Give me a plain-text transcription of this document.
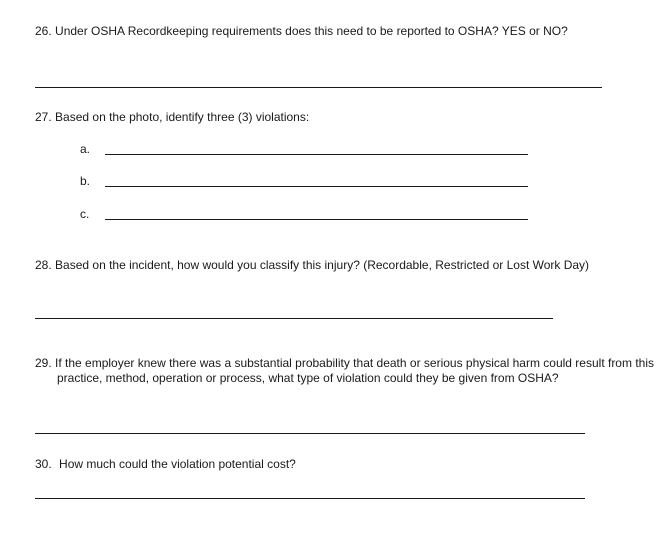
26. Under OSHA Recordkeeping requirements does this need to be reported to OSHA? YES or NO?
27. Based on the photo, identify three (3) violations:
a.
b.
c.
28. Based on the incident, how would you classify this injury? (Recordable, Restricted or Lost Work Day)
29. If the employer knew there was a substantial probability that death or serious physical harm could result from this practice, method, operation or process, what type of violation could they be given from OSHA?
30. How much could the violation potential cost?
